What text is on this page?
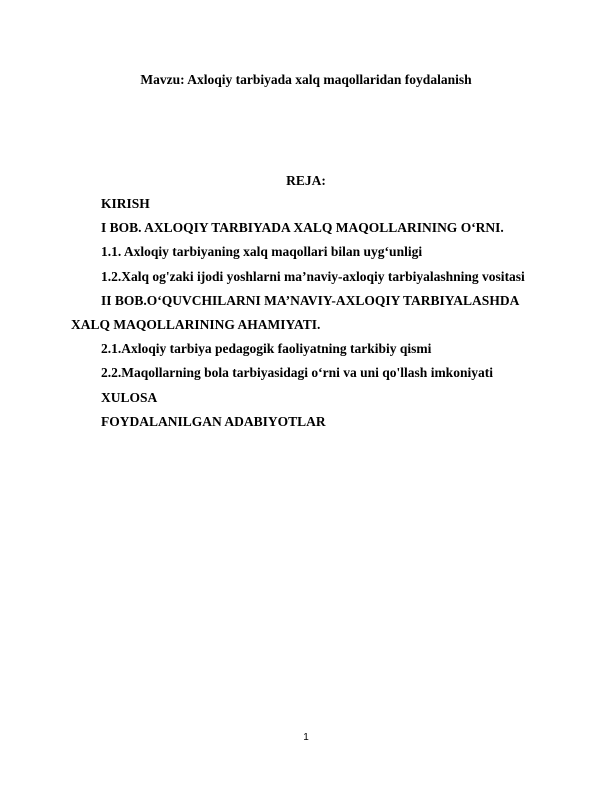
Mavzu: Axloqiy tarbiyada xalq maqollaridan foydalanish
REJA:
KIRISH
I BOB. AXLOQIY TARBIYADA XALQ MAQOLLARINING O‘RNI.
1.1. Axloqiy tarbiyaning xalq maqollari bilan uyg‘unligi
1.2.Xalq og'zaki ijodi yoshlarni ma’naviy-axloqiy tarbiyalashning vositasi
II BOB.O‘QUVCHILARNI MA’NAVIY-AXLOQIY TARBIYALASHDA XALQ MAQOLLARINING AHAMIYATI.
2.1.Axloqiy tarbiya pedagogik faoliyatning tarkibiy qismi
2.2.Maqollarning bola tarbiyasidagi o‘rni va uni qo'llash imkoniyati
XULOSA
FOYDALANILGAN ADABIYOTLAR
1
